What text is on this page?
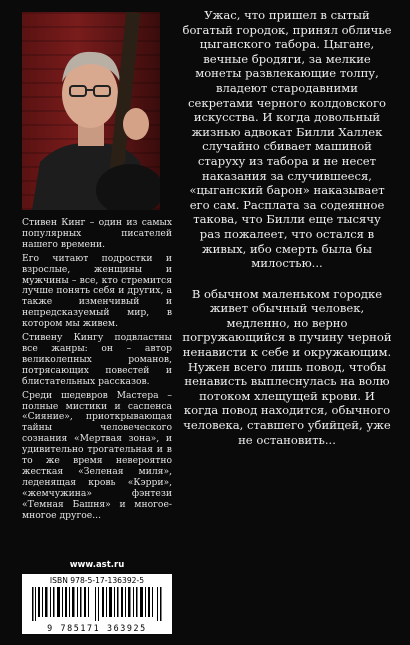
Стивен Кинг – один из самых популярных писателей нашего времени.

Его читают подростки и взрослые, женщины и мужчины – все, кто стремится лучше понять себя и других, а также изменчивый и непредсказуемый мир, в котором мы живем.

Стивену Кингу подвластны все жанры: он – автор великолепных романов, потрясающих повестей и блистательных рассказов.

Среди шедевров Мастера – полные мистики и саспенса «Сияние», приоткрывающая тайны человеческого сознания «Мертвая зона», и удивительно трогательная и в то же время невероятно жесткая «Зеленая миля», леденящая кровь «Кэрри», «жемчужина» фэнтези «Темная Башня» и многое-многое другое...

Ужас, что пришел в сытый богатый городок, принял обличье цыганского табора. Цыгане, вечные бродяги, за мелкие монеты развлекающие толпу, владеют стародавними секретами черного колдовского искусства. И когда довольный жизнью адвокат Билли Халлек случайно сбивает машиной старуху из табора и не несет наказания за случившееся, «цыганский барон» наказывает его сам. Расплата за содеянное такова, что Билли еще тысячу раз пожалеет, что остался в живых, ибо смерть была бы милостью...

В обычном маленьком городке живет обычный человек, медленно, но верно погружающийся в пучину черной ненависти к себе и окружающим. Нужен всего лишь повод, чтобы ненависть выплеснулась на волю потоком хлещущей крови. И когда повод находится, обычного человека, ставшего убийцей, уже не остановить...

www.ast.ru
ISBN 978-5-17-136392-5
9 785171 363925
